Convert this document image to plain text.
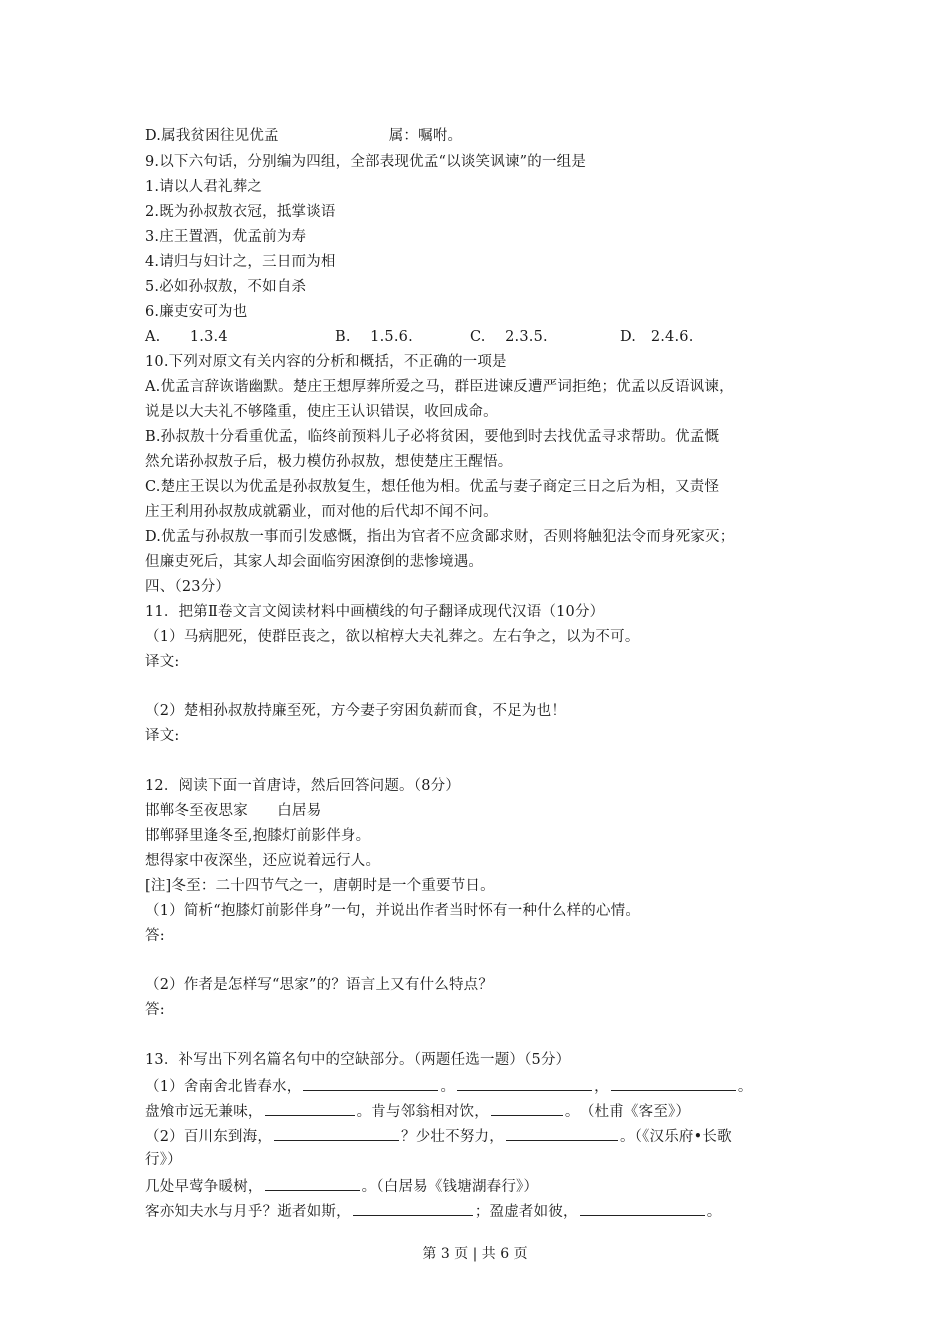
D.属我贫困往见优孟	属：嘱咐。
9.以下六句话，分别编为四组，全部表现优孟“以谈笑讽谏”的一组是
1.请以人君礼葬之
2.既为孙叔敖衣冠，抵掌谈语
3.庄王置酒，优孟前为寿
4.请归与妇计之，三日而为相
5.必如孙叔敖，不如自杀
6.廉吏安可为也
A.　　1.3.4	B.　 1.5.6.	C.　 2.3.5.	D.　2.4.6.
10.下列对原文有关内容的分析和概括，不正确的一项是
A.优孟言辞诙谐幽默。楚庄王想厚葬所爱之马，群臣进谏反遭严词拒绝；优孟以反语讽谏，
说是以大夫礼不够隆重，使庄王认识错误，收回成命。
B.孙叔敖十分看重优孟，临终前预料儿子必将贫困，要他到时去找优孟寻求帮助。优孟慨
然允诺孙叔敖子后，极力模仿孙叔敖，想使楚庄王醒悟。
C.楚庄王误以为优孟是孙叔敖复生，想任他为相。优孟与妻子商定三日之后为相，又责怪
庄王利用孙叔敖成就霸业，而对他的后代却不闻不问。
D.优孟与孙叔敖一事而引发感慨，指出为官者不应贪鄙求财，否则将触犯法令而身死家灭；
但廉吏死后，其家人却会面临穷困潦倒的悲惨境遇。
四、（23分）
11．把第Ⅱ卷文言文阅读材料中画横线的句子翻译成现代汉语（10分）
（1）马病肥死，使群臣丧之，欲以棺椁大夫礼葬之。左右争之，以为不可。
译文:
（2）楚相孙叔敖持廉至死，方今妻子穷困负薪而食，不足为也！
译文:
12．阅读下面一首唐诗，然后回答问题。（8分）
邯郸冬至夜思家　　白居易
邯郸驿里逢冬至,抱膝灯前影伴身。
想得家中夜深坐，还应说着远行人。
[注]冬至：二十四节气之一，唐朝时是一个重要节日。
（1）简析“抱膝灯前影伴身”一句，并说出作者当时怀有一种什么样的心情。
答:
（2）作者是怎样写“思家”的？语言上又有什么特点？
答:
13．补写出下列名篇名句中的空缺部分。（两题任选一题）（5分）
（1）舍南舍北皆春水，	。	，	。
盘飧市远无兼味，	。肯与邻翁相对饮，	。　（杜甫《客至》）
（2）百川东到海，	？少壮不努力，	。（《汉乐府•长歌
行》）
几处早莺争暖树，	。（白居易《钱塘湖春行》）
客亦知夫水与月乎？逝者如斯，	；盈虚者如彼，	。
第 3 页 | 共 6 页
